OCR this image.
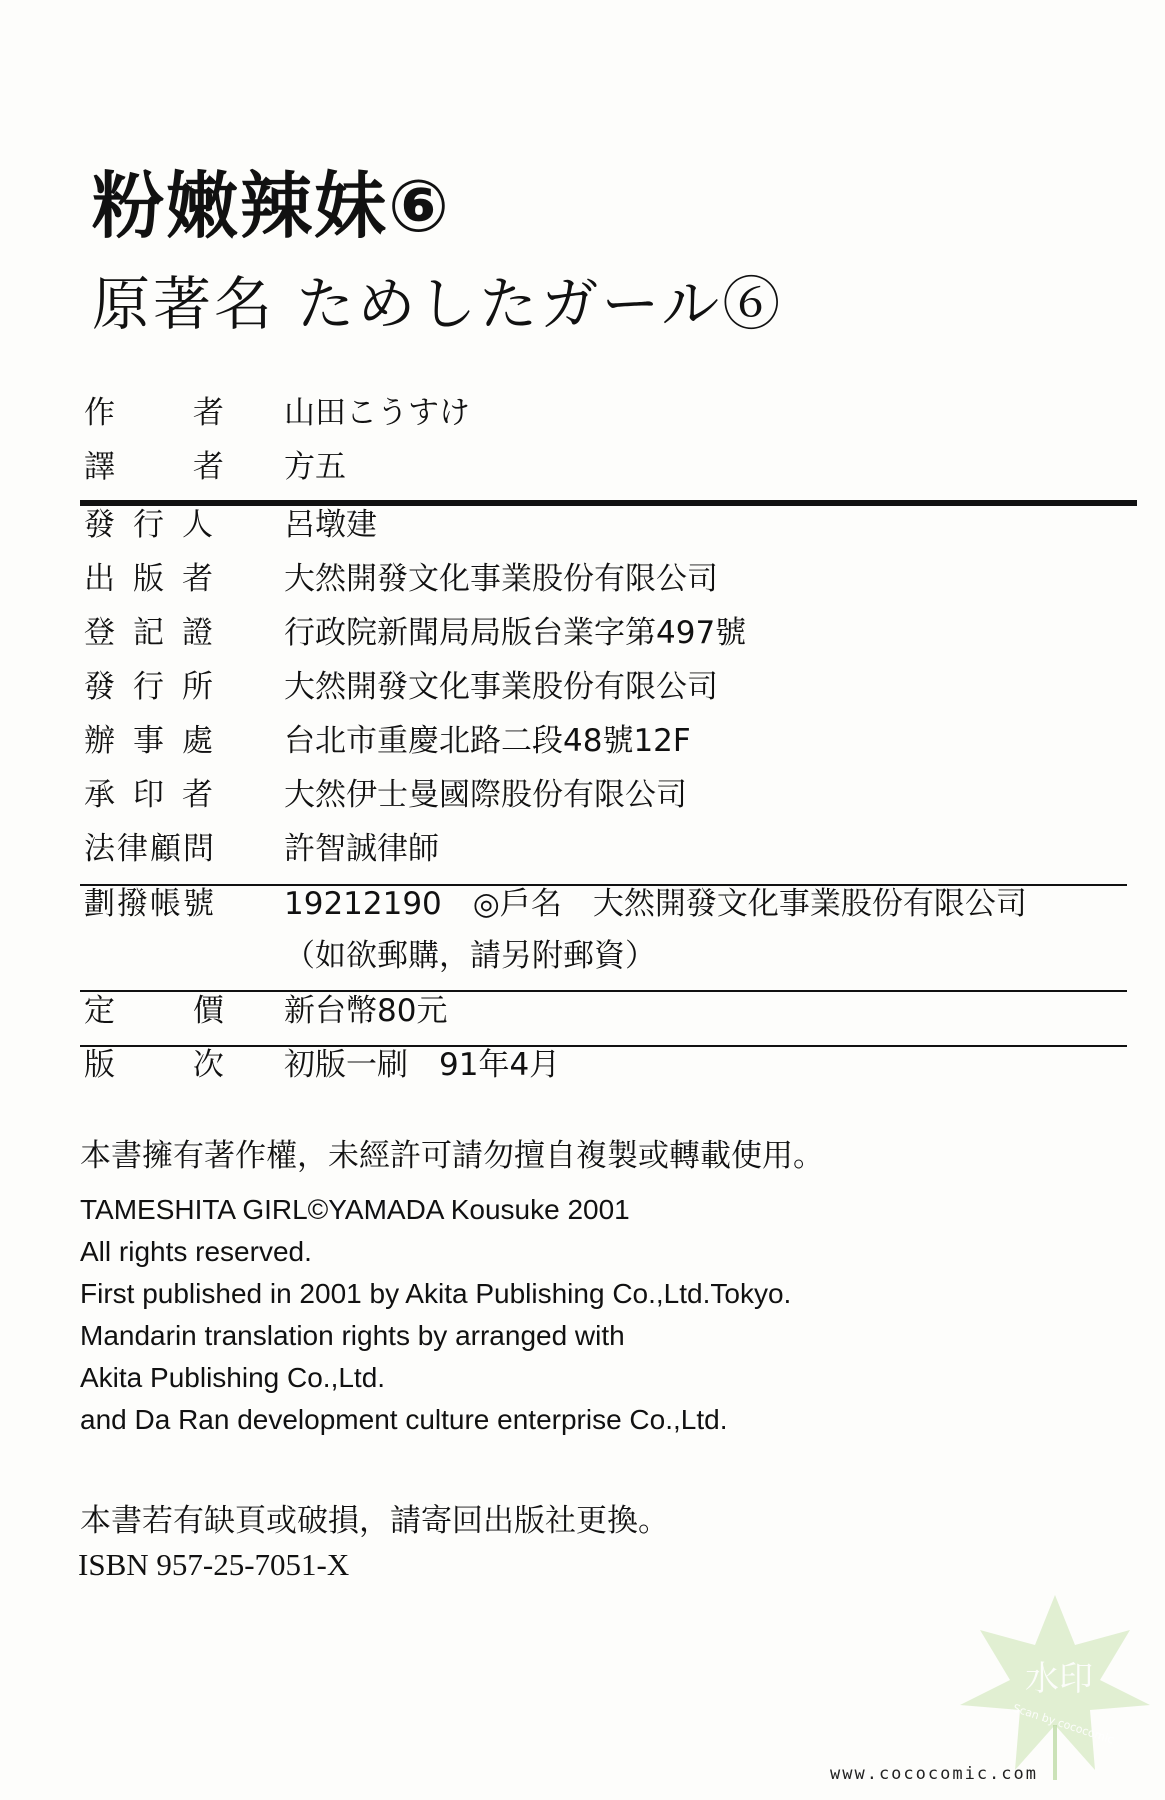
粉嫩辣妹⑥
原著名 ためしたガール⑥
作 者 山田こうすけ
譯 者 方五
發行人 呂墩建
出版者 大然開發文化事業股份有限公司
登記證 行政院新聞局局版台業字第497號
發行所 大然開發文化事業股份有限公司
辦事處 台北市重慶北路二段48號12F
承印者 大然伊士曼國際股份有限公司
法律顧問 許智誠律師
劃撥帳號 19212190　◎戶名　大然開發文化事業股份有限公司
（如欲郵購，請另附郵資）
定 價 新台幣80元
版 次 初版一刷　91年4月
本書擁有著作權，未經許可請勿擅自複製或轉載使用。
TAMESHITA GIRL©YAMADA Kousuke 2001
All rights reserved.
First published in 2001 by Akita Publishing Co.,Ltd.Tokyo.
Mandarin translation rights by arranged with
Akita Publishing Co.,Ltd.
and Da Ran development culture enterprise Co.,Ltd.
本書若有缺頁或破損，請寄回出版社更換。
ISBN 957-25-7051-X
水印
Scan by cococomic
www.cococomic.com
